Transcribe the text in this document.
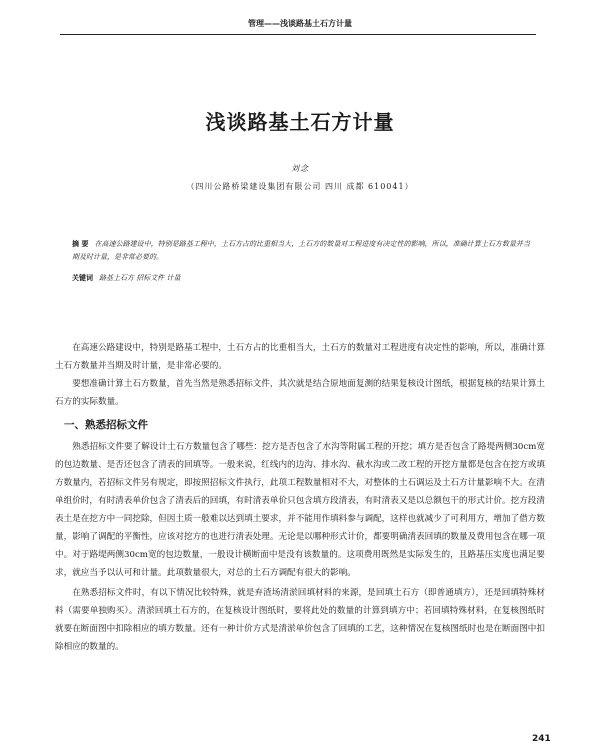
管理——浅谈路基土石方计量
浅谈路基土石方计量
刘念
（四川公路桥梁建设集团有限公司 四川 成都 610041）
摘 要 在高速公路建设中，特别是路基工程中，土石方占的比重相当大，土石方的数量对工程进度有决定性的影响，所以，准确计算土石方数量并当期及时计量，是非常必要的。
关键词 路基土石方 招标文件 计量

在高速公路建设中，特别是路基工程中，土石方占的比重相当大，土石方的数量对工程进度有决定性的影响，所以，准确计算土石方数量并当期及时计量，是非常必要的。

要想准确计算土石方数量，首先当然是熟悉招标文件，其次就是结合原地面复测的结果复核设计图纸，根据复核的结果计算土石方的实际数量。

一、熟悉招标文件

熟悉招标文件要了解设计土石方数量包含了哪些：挖方是否包含了水沟等附属工程的开挖；填方是否包含了路堤两侧30cm宽的包边数量、是否还包含了清表的回填等。一般来说，红线内的边沟、排水沟、截水沟或二改工程的开挖方量都是包含在挖方或填方数量内，若招标文件另有规定，即按照招标文件执行，此项工程数量相对不大，对整体的土石调运及土石方计量影响不大。在清单组价时，有时清表单价包含了清表后的回填，有时清表单价只包含填方段清表，有时清表又是以总额包干的形式计价。挖方段清表土是在挖方中一同挖除，但因土质一般难以达到填土要求，并不能用作填料参与调配，这样也就减少了可利用方，增加了借方数量，影响了调配的平衡性，应该对挖方的也进行清表处理。无论是以哪种形式计价，都要明确清表回填的数量及费用包含在哪一项中。对于路堤两侧30cm宽的包边数量，一般设计横断面中是没有该数量的。这项费用既然是实际发生的，且路基压实度也满足要求，就应当予以认可和计量。此项数量很大，对总的土石方调配有很大的影响。

在熟悉招标文件时，有以下情况比较特殊，就是弃渣场清淤回填材料的来源，是回填土石方（即普通填方），还是回填特殊材料（需要单独购买）。清淤回填土石方的，在复核设计图纸时，要将此处的数量的计算到填方中；若回填特殊材料，在复核图纸时就要在断面图中扣除相应的填方数量。还有一种计价方式是清淤单价包含了回填的工艺，这种情况在复核图纸时也是在断面图中扣除相应的数量的。

241
